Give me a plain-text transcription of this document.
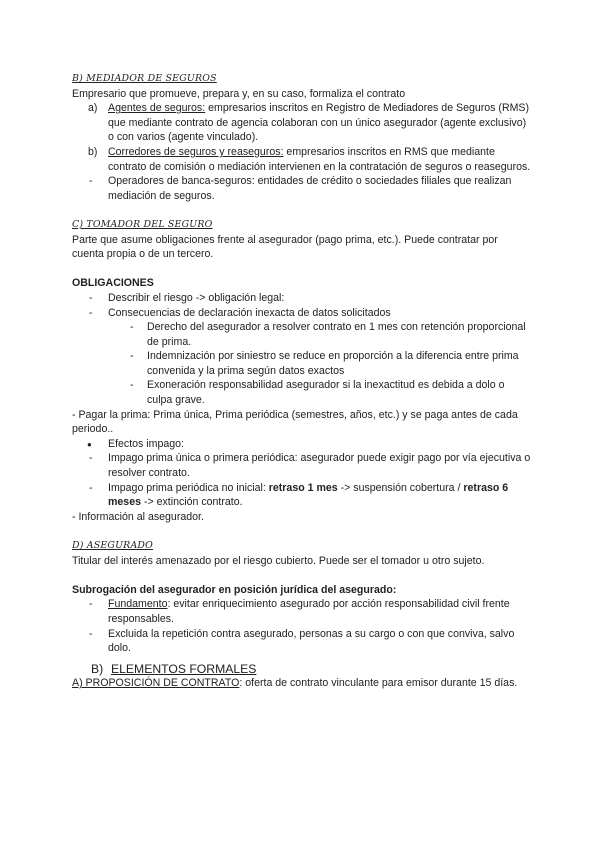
B) MEDIADOR DE SEGUROS

Empresario que promueve, prepara y, en su caso, formaliza el contrato

a) Agentes de seguros: empresarios inscritos en Registro de Mediadores de Seguros (RMS) que mediante contrato de agencia colaboran con un único asegurador (agente exclusivo) o con varios (agente vinculado).
b) Corredores de seguros y reaseguros: empresarios inscritos en RMS que mediante contrato de comisión o mediación intervienen en la contratación de seguros o reaseguros.
- Operadores de banca-seguros: entidades de crédito o sociedades filiales que realizan mediación de seguros.

C) TOMADOR DEL SEGURO

Parte que asume obligaciones frente al asegurador (pago prima, etc.). Puede contratar por cuenta propia o de un tercero.

OBLIGACIONES

- Describir el riesgo -> obligación legal:
- Consecuencias de declaración inexacta de datos solicitados
- Derecho del asegurador a resolver contrato en 1 mes con retención proporcional de prima.
- Indemnización por siniestro se reduce en proporción a la diferencia entre prima convenida y la prima según datos exactos
- Exoneración responsabilidad asegurador si la inexactitud es debida a dolo o culpa grave.

- Pagar la prima: Prima única, Prima periódica (semestres, años, etc.) y se paga antes de cada periodo..

● Efectos impago:
- Impago prima única o primera periódica: asegurador puede exigir pago por vía ejecutiva o resolver contrato.
- Impago prima periódica no inicial: retraso 1 mes -> suspensión cobertura / retraso 6 meses -> extinción contrato.

- Información al asegurador.

D) ASEGURADO

Titular del interés amenazado por el riesgo cubierto. Puede ser el tomador u otro sujeto.

Subrogación del asegurador en posición jurídica del asegurado:

- Fundamento: evitar enriquecimiento asegurado por acción responsabilidad civil frente responsables.
- Excluida la repetición contra asegurado, personas a su cargo o con que conviva, salvo dolo.

B) ELEMENTOS FORMALES

A) PROPOSICIÓN DE CONTRATO: oferta de contrato vinculante para emisor durante 15 días.
